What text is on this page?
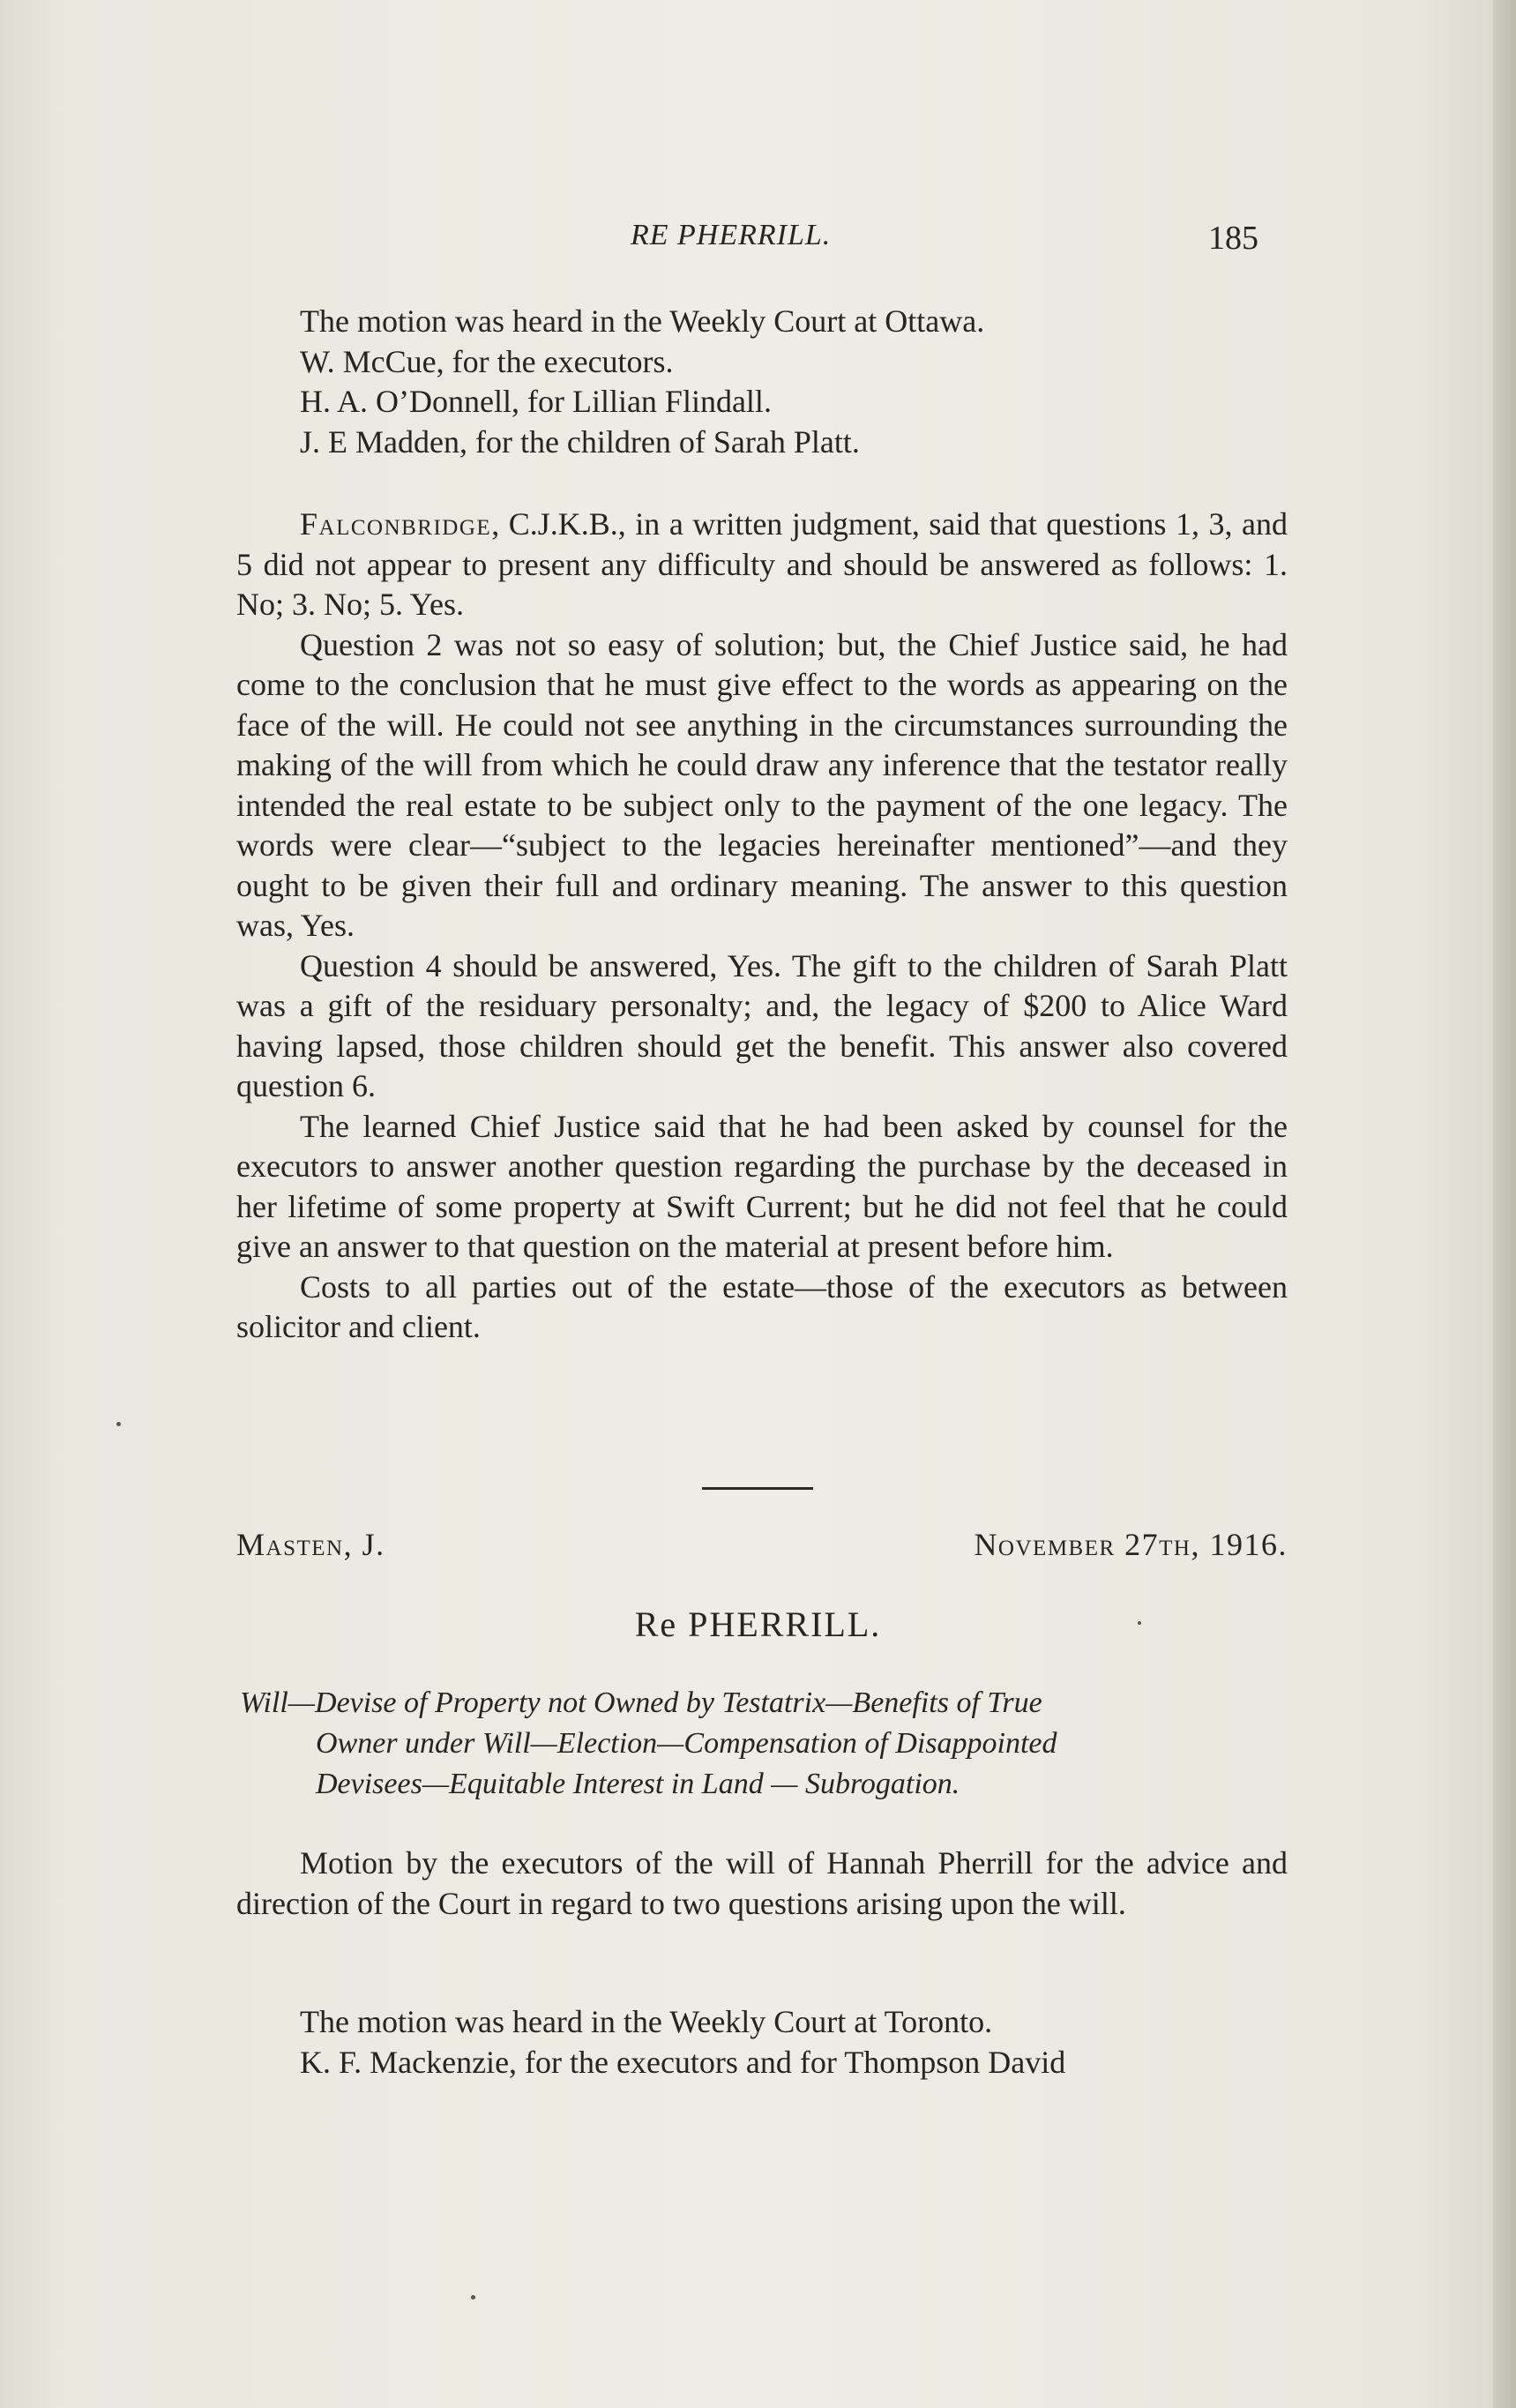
RE PHERRILL.	185

The motion was heard in the Weekly Court at Ottawa.

W. McCue, for the executors.

H. A. O’Donnell, for Lillian Flindall.

J. E Madden, for the children of Sarah Platt.

Falconbridge, C.J.K.B., in a written judgment, said that questions 1, 3, and 5 did not appear to present any difficulty and should be answered as follows: 1. No; 3. No; 5. Yes.

Question 2 was not so easy of solution; but, the Chief Justice said, he had come to the conclusion that he must give effect to the words as appearing on the face of the will. He could not see anything in the circumstances surrounding the making of the will from which he could draw any inference that the testator really intended the real estate to be subject only to the payment of the one legacy. The words were clear—“subject to the legacies hereinafter mentioned”—and they ought to be given their full and ordinary meaning. The answer to this question was, Yes.

Question 4 should be answered, Yes. The gift to the children of Sarah Platt was a gift of the residuary personalty; and, the legacy of $200 to Alice Ward having lapsed, those children should get the benefit. This answer also covered question 6.

The learned Chief Justice said that he had been asked by counsel for the executors to answer another question regarding the purchase by the deceased in her lifetime of some property at Swift Current; but he did not feel that he could give an answer to that question on the material at present before him.

Costs to all parties out of the estate—those of the executors as between solicitor and client.

Masten, J.	November 27th, 1916.
Re PHERRILL.
Will—Devise of Property not Owned by Testatrix—Benefits of True
Owner under Will—Election—Compensation of Disappointed
Devisees—Equitable Interest in Land — Subrogation.

Motion by the executors of the will of Hannah Pherrill for the advice and direction of the Court in regard to two questions arising upon the will.

The motion was heard in the Weekly Court at Toronto.

K. F. Mackenzie, for the executors and for Thompson David
